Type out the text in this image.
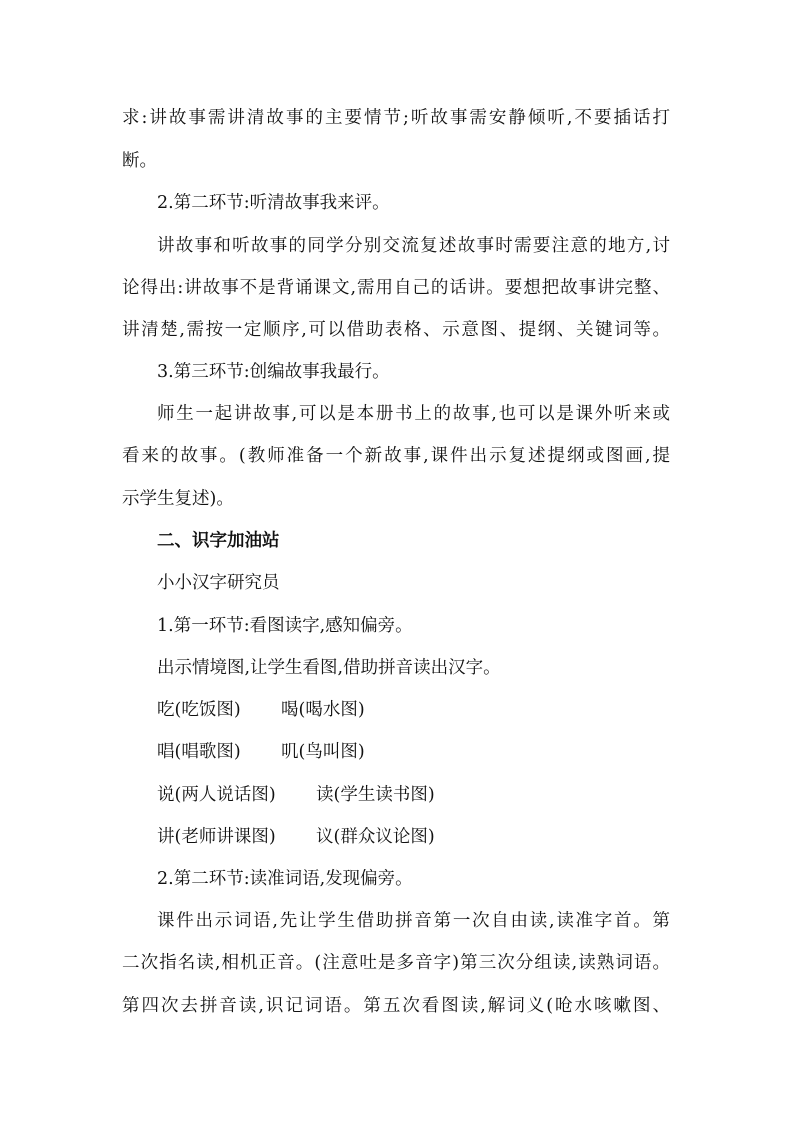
求:讲故事需讲清故事的主要情节;听故事需安静倾听,不要插话打
断。
2.第二环节:听清故事我来评。
讲故事和听故事的同学分别交流复述故事时需要注意的地方,讨
论得出:讲故事不是背诵课文,需用自己的话讲。要想把故事讲完整、
讲清楚,需按一定顺序,可以借助表格、示意图、提纲、关键词等。
3.第三环节:创编故事我最行。
师生一起讲故事,可以是本册书上的故事,也可以是课外听来或
看来的故事。(教师准备一个新故事,课件出示复述提纲或图画,提
示学生复述)。
二、识字加油站
小小汉字研究员
1.第一环节:看图读字,感知偏旁。
出示情境图,让学生看图,借助拼音读出汉字。
吃(吃饭图) 喝(喝水图)
唱(唱歌图) 叽(鸟叫图)
说(两人说话图) 读(学生读书图)
讲(老师讲课图) 议(群众议论图)
2.第二环节:读准词语,发现偏旁。
课件出示词语,先让学生借助拼音第一次自由读,读准字首。第
二次指名读,相机正音。(注意吐是多音字)第三次分组读,读熟词语。
第四次去拼音读,识记词语。第五次看图读,解词义(呛水咳嗽图、
